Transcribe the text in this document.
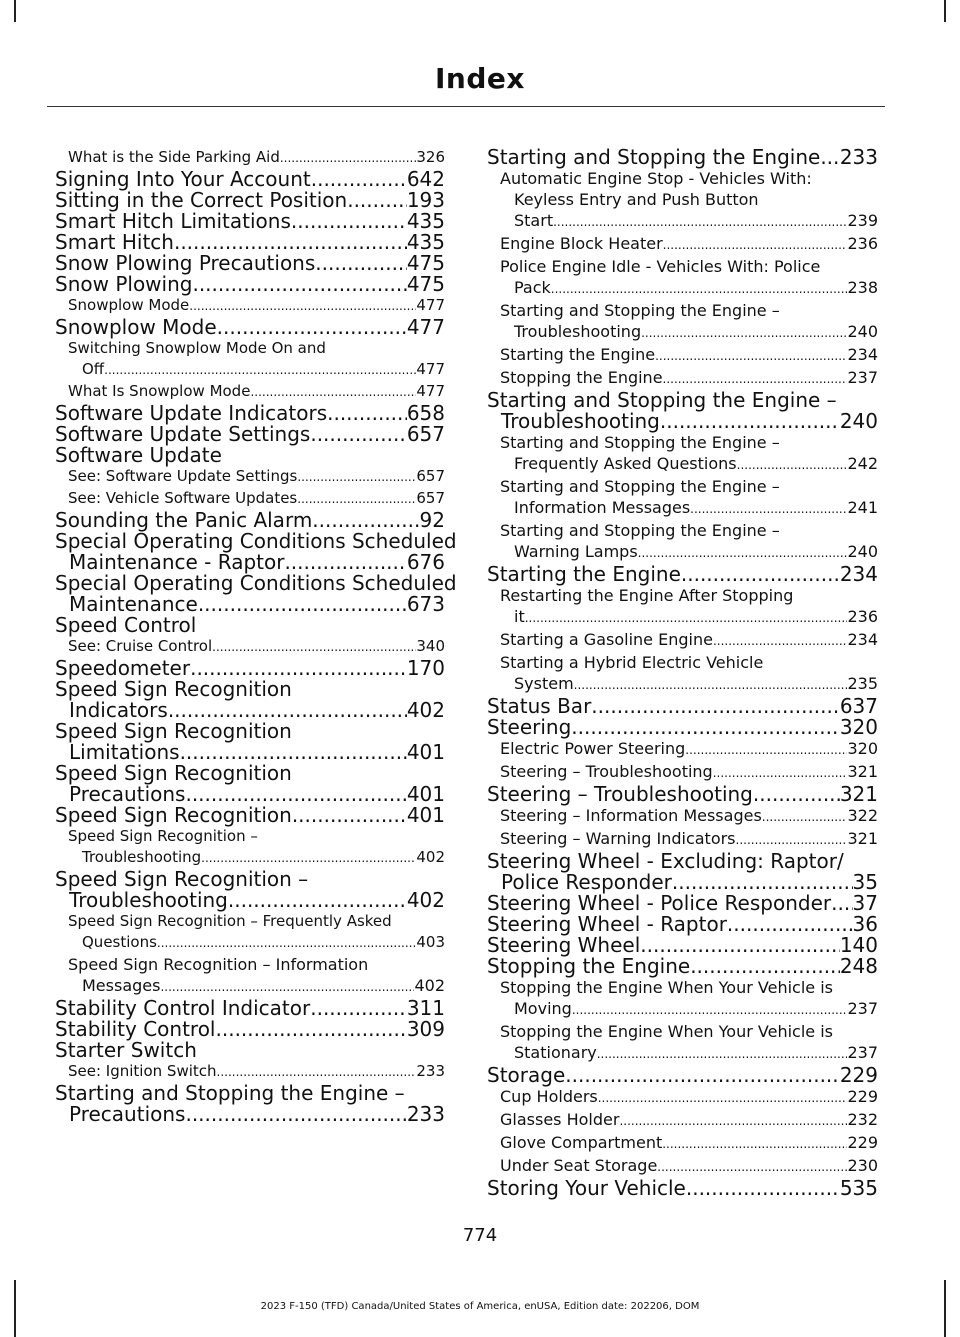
Index
What is the Side Parking Aid .....	326
Signing Into Your Account .....	642
Sitting in the Correct Position .....	193
Smart Hitch Limitations .....	435
Smart Hitch .....	435
Snow Plowing Precautions .....	475
Snow Plowing .....	475
Snowplow Mode .....	477
Snowplow Mode .....	477
Switching Snowplow Mode On and
Off .....	477
What Is Snowplow Mode .....	477
Software Update Indicators .....	658
Software Update Settings .....	657
Software Update
See: Software Update Settings .....	657
See: Vehicle Software Updates .....	657
Sounding the Panic Alarm .....	92
Special Operating Conditions Scheduled
Maintenance - Raptor .....	676
Special Operating Conditions Scheduled
Maintenance .....	673
Speed Control
See: Cruise Control .....	340
Speedometer .....	170
Speed Sign Recognition
Indicators .....	402
Speed Sign Recognition
Limitations .....	401
Speed Sign Recognition
Precautions .....	401
Speed Sign Recognition .....	401
Speed Sign Recognition –
Troubleshooting .....	402
Speed Sign Recognition –
Troubleshooting .....	402
Speed Sign Recognition – Frequently Asked
Questions .....	403
Speed Sign Recognition – Information
Messages .....	402
Stability Control Indicator .....	311
Stability Control .....	309
Starter Switch
See: Ignition Switch .....	233
Starting and Stopping the Engine –
Precautions .....	233
Starting and Stopping the Engine ..... 233
Automatic Engine Stop - Vehicles With:
Keyless Entry and Push Button
Start .....	239
Engine Block Heater .....	236
Police Engine Idle - Vehicles With: Police
Pack .....	238
Starting and Stopping the Engine –
Troubleshooting .....	240
Starting the Engine .....	234
Stopping the Engine .....	237
Starting and Stopping the Engine –
Troubleshooting .....	240
Starting and Stopping the Engine –
Frequently Asked Questions .....	242
Starting and Stopping the Engine –
Information Messages .....	241
Starting and Stopping the Engine –
Warning Lamps .....	240
Starting the Engine .....	234
Restarting the Engine After Stopping
it .....	236
Starting a Gasoline Engine .....	234
Starting a Hybrid Electric Vehicle
System .....	235
Status Bar .....	637
Steering .....	320
Electric Power Steering .....	320
Steering – Troubleshooting .....	321
Steering – Troubleshooting .....	321
Steering – Information Messages .....	322
Steering – Warning Indicators .....	321
Steering Wheel - Excluding: Raptor/
Police Responder .....	35
Steering Wheel - Police Responder ..... 37
Steering Wheel - Raptor .....	36
Steering Wheel .....	140
Stopping the Engine .....	248
Stopping the Engine When Your Vehicle is
Moving .....	237
Stopping the Engine When Your Vehicle is
Stationary .....	237
Storage .....	229
Cup Holders .....	229
Glasses Holder .....	232
Glove Compartment .....	229
Under Seat Storage .....	230
Storing Your Vehicle .....	535
774
2023 F-150 (TFD) Canada/United States of America, enUSA, Edition date: 202206, DOM
